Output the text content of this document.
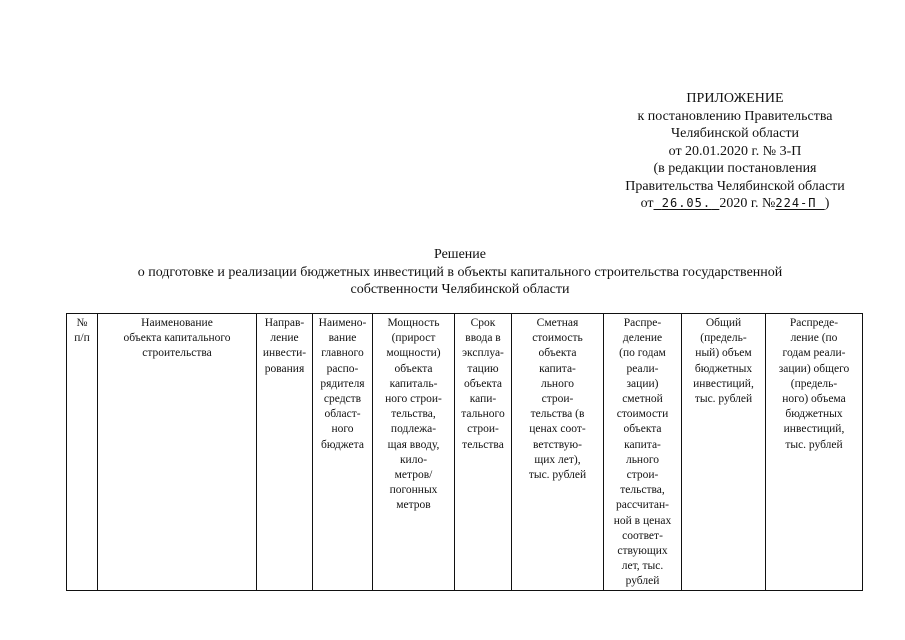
ПРИЛОЖЕНИЕ
к постановлению Правительства
Челябинской области
от 20.01.2020 г. № 3-П
(в редакции постановления
Правительства Челябинской области
от 26.05. 2020 г. №224-П )
Решение
о подготовке и реализации бюджетных инвестиций в объекты капитального строительства государственной
собственности Челябинской области
№
п/п

Наименование
объекта капитального
строительства

Направ-
ление
инвести-
рования

Наимено-
вание
главного
распо-
рядителя
средств
област-
ного
бюджета

Мощность
(прирост
мощности)
объекта
капиталь-
ного строи-
тельства,
подлежа-
щая вводу,
кило-
метров/
погонных
метров

Срок
ввода в
эксплуа-
тацию
объекта
капи-
тального
строи-
тельства

Сметная
стоимость
объекта
капита-
льного
строи-
тельства (в
ценах соот-
ветствую-
щих лет),
тыс. рублей

Распре-
деление
(по годам
реали-
зации)
сметной
стоимости
объекта
капита-
льного
строи-
тельства,
рассчитан-
ной в ценах
соответ-
ствующих
лет, тыс.
рублей

Общий
(предель-
ный) объем
бюджетных
инвестиций,
тыс. рублей

Распреде-
ление (по
годам реали-
зации) общего
(предель-
ного) объема
бюджетных
инвестиций,
тыс. рублей
